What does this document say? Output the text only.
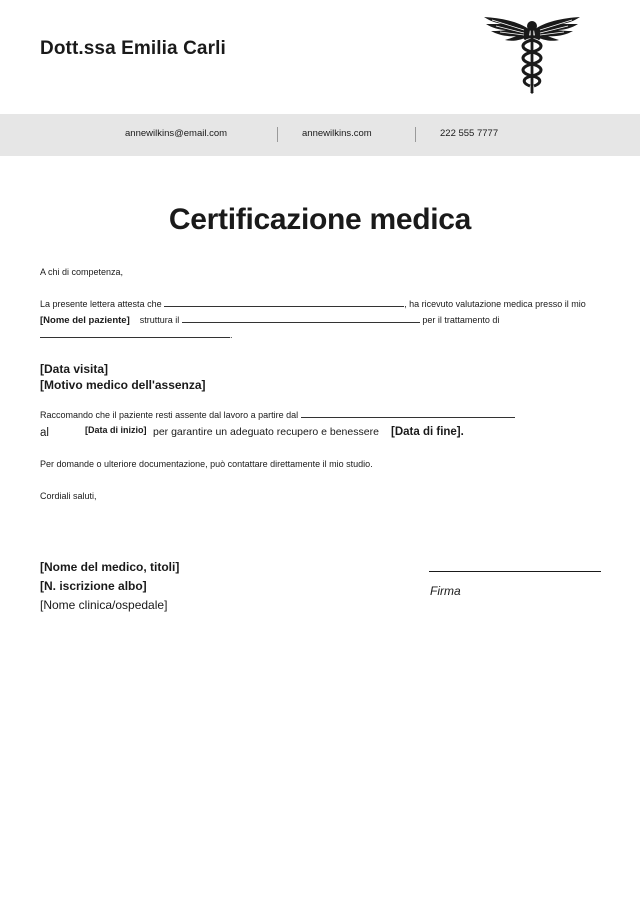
Dott.ssa Emilia Carli
annewilkins@email.com	annewilkins.com	222 555 7777
Certificazione medica
A chi di competenza,
La presente lettera attesta che	, ha ricevuto valutazione medica presso il mio
[Nome del paziente] struttura il	per il trattamento di
.
[Data visita]
[Motivo medico dell'assenza]
Raccomando che il paziente resti assente dal lavoro a partire dal
al	[Data di inizio] per garantire un adeguato recupero e benessere [Data di fine].
Per domande o ulteriore documentazione, può contattare direttamente il mio studio.
Cordiali saluti,
[Nome del medico, titoli]
[N. iscrizione albo]
[Nome clinica/ospedale]
Firma
